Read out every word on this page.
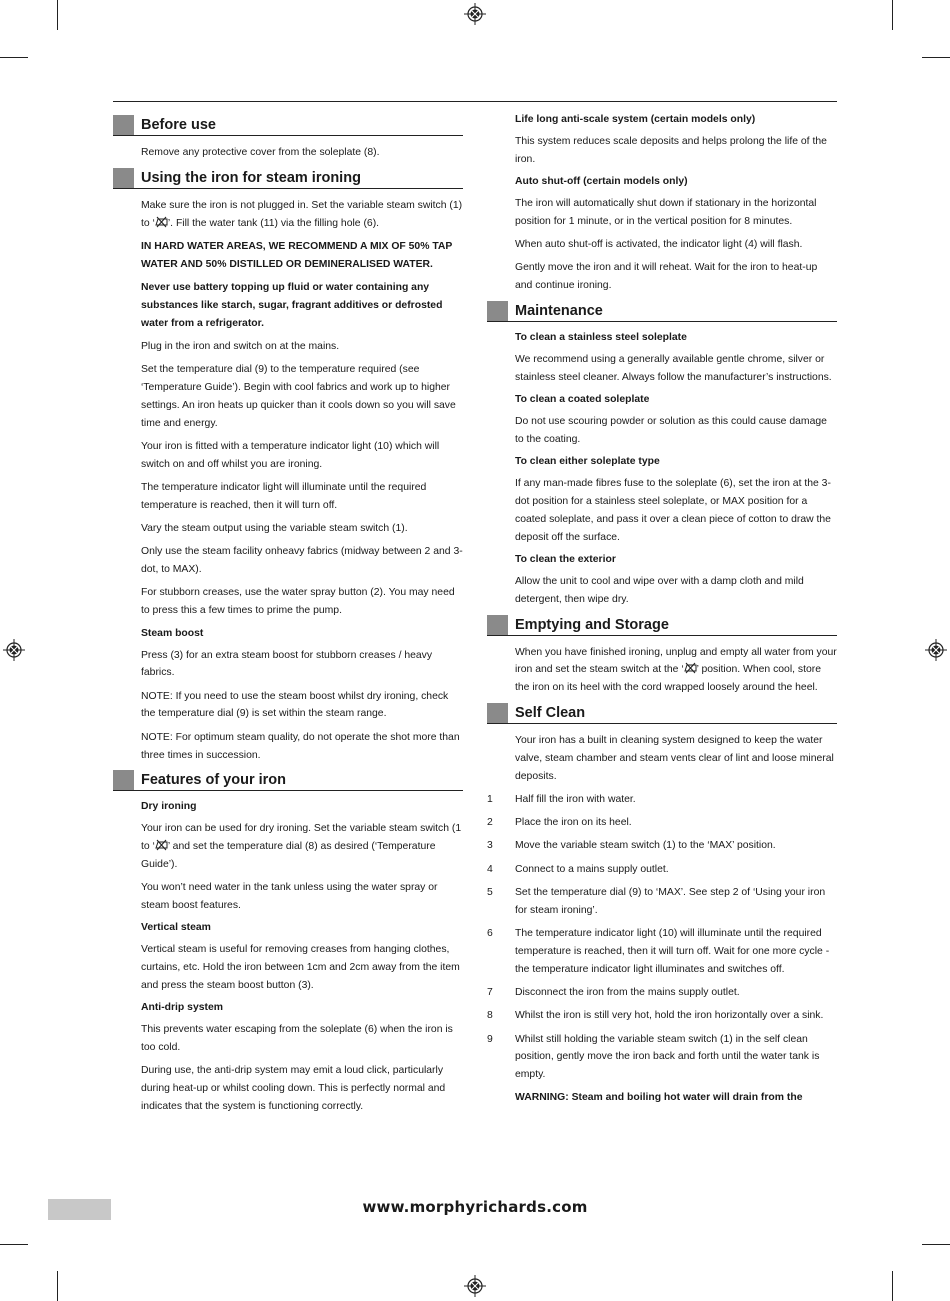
Before use

Remove any protective cover from the soleplate (8).

Using the iron for steam ironing

Make sure the iron is not plugged in. Set the variable steam switch (1) to ‘ ’. Fill the water tank (11) via the filling hole (6).

IN HARD WATER AREAS, WE RECOMMEND A MIX OF 50% TAP WATER AND 50% DISTILLED OR DEMINERALISED WATER.

Never use battery topping up fluid or water containing any substances like starch, sugar, fragrant additives or defrosted water from a refrigerator.

Plug in the iron and switch on at the mains.

Set the temperature dial (9) to the temperature required (see ‘Temperature Guide’). Begin with cool fabrics and work up to higher settings. An iron heats up quicker than it cools down so you will save time and energy.

Your iron is fitted with a temperature indicator light (10) which will switch on and off whilst you are ironing.

The temperature indicator light will illuminate until the required temperature is reached, then it will turn off.

Vary the steam output using the variable steam switch (1).

Only use the steam facility onheavy fabrics (midway between 2 and 3-dot, to MAX).

For stubborn creases, use the water spray button (2). You may need to press this a few times to prime the pump.

Steam boost

Press (3) for an extra steam boost for stubborn creases / heavy fabrics.

NOTE: If you need to use the steam boost whilst dry ironing, check the temperature dial (9) is set within the steam range.

NOTE: For optimum steam quality, do not operate the shot more than three times in succession.

Features of your iron
Dry ironing

Your iron can be used for dry ironing. Set the variable steam switch (1 to ‘ ’ and set the temperature dial (8) as desired (‘Temperature Guide’).

You won’t need water in the tank unless using the water spray or steam boost features.

Vertical steam

Vertical steam is useful for removing creases from hanging clothes, curtains, etc. Hold the iron between 1cm and 2cm away from the item and press the steam boost button (3).

Anti-drip system

This prevents water escaping from the soleplate (6) when the iron is too cold.

During use, the anti-drip system may emit a loud click, particularly during heat-up or whilst cooling down. This is perfectly normal and indicates that the system is functioning correctly.

Life long anti-scale system (certain models only)

This system reduces scale deposits and helps prolong the life of the iron.

Auto shut-off (certain models only)

The iron will automatically shut down if stationary in the horizontal position for 1 minute, or in the vertical position for 8 minutes.

When auto shut-off is activated, the indicator light (4) will flash.

Gently move the iron and it will reheat. Wait for the iron to heat-up and continue ironing.

Maintenance
To clean a stainless steel soleplate

We recommend using a generally available gentle chrome, silver or stainless steel cleaner. Always follow the manufacturer’s instructions.

To clean a coated soleplate

Do not use scouring powder or solution as this could cause damage to the coating.

To clean either soleplate type

If any man-made fibres fuse to the soleplate (6), set the iron at the 3-dot position for a stainless steel soleplate, or MAX position for a coated soleplate, and pass it over a clean piece of cotton to draw the deposit off the surface.

To clean the exterior

Allow the unit to cool and wipe over with a damp cloth and mild detergent, then wipe dry.

Emptying and Storage

When you have finished ironing, unplug and empty all water from your iron and set the steam switch at the ‘ ’ position. When cool, store the iron on its heel with the cord wrapped loosely around the heel.

Self Clean

Your iron has a built in cleaning system designed to keep the water valve, steam chamber and steam vents clear of lint and loose mineral deposits.

1 Half fill the iron with water.

2 Place the iron on its heel.

3 Move the variable steam switch (1) to the ‘MAX’ position.

4 Connect to a mains supply outlet.

5 Set the temperature dial (9) to ‘MAX’. See step 2 of ‘Using your iron for steam ironing’.

6 The temperature indicator light (10) will illuminate until the required temperature is reached, then it will turn off. Wait for one more cycle - the temperature indicator light illuminates and switches off.

7 Disconnect the iron from the mains supply outlet.

8 Whilst the iron is still very hot, hold the iron horizontally over a sink.

9 Whilst still holding the variable steam switch (1) in the self clean position, gently move the iron back and forth until the water tank is empty.

WARNING: Steam and boiling hot water will drain from the

www.morphyrichards.com
